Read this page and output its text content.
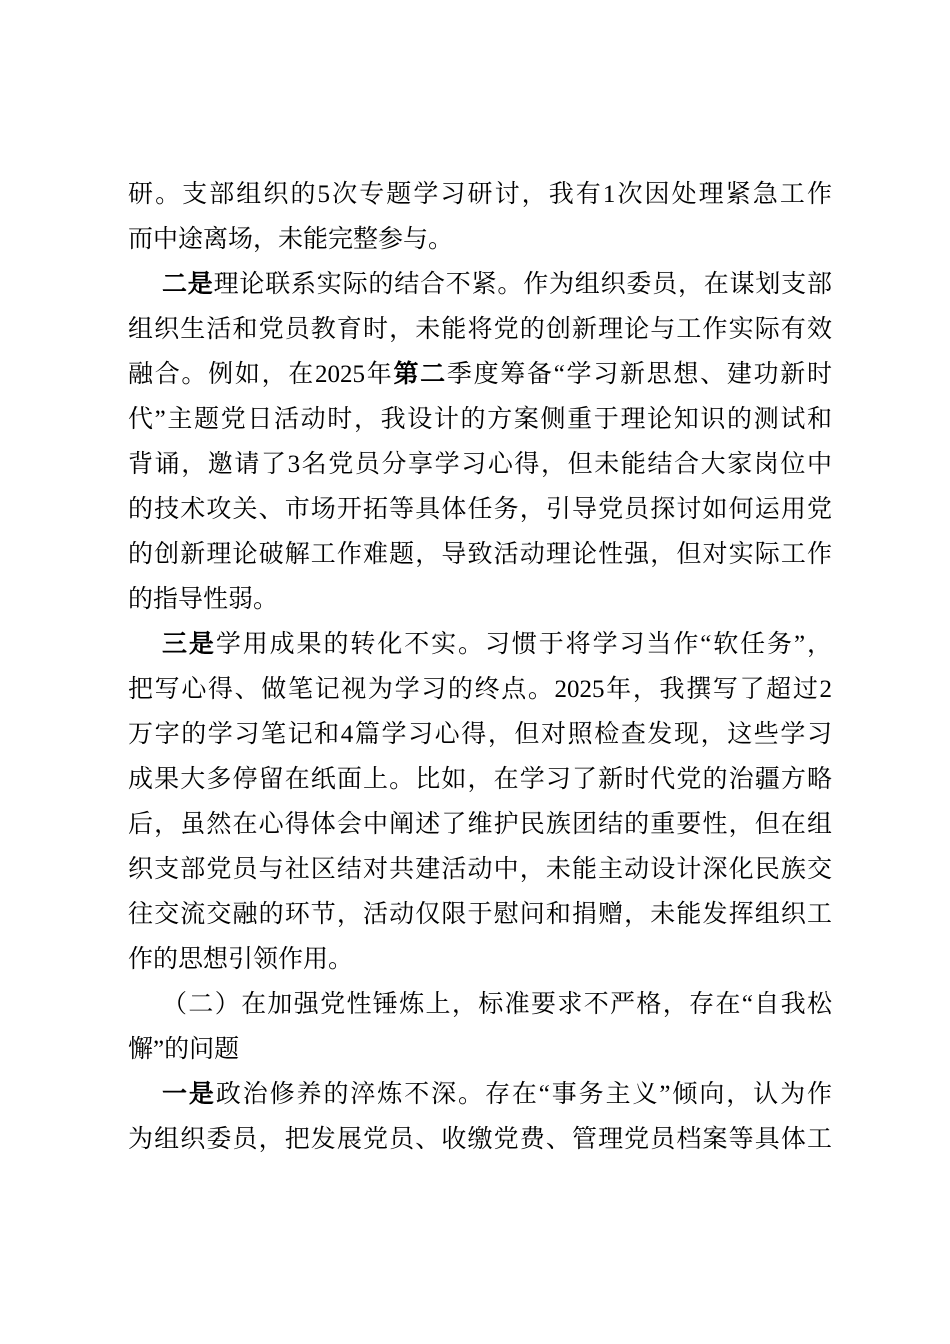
研。支部组织的5次专题学习研讨，我有1次因处理紧急工作
而中途离场，未能完整参与。
二是理论联系实际的结合不紧。作为组织委员，在谋划支部
组织生活和党员教育时，未能将党的创新理论与工作实际有效
融合。例如，在2025年第二季度筹备“学习新思想、建功新时
代”主题党日活动时，我设计的方案侧重于理论知识的测试和
背诵，邀请了3名党员分享学习心得，但未能结合大家岗位中
的技术攻关、市场开拓等具体任务，引导党员探讨如何运用党
的创新理论破解工作难题，导致活动理论性强，但对实际工作
的指导性弱。
三是学用成果的转化不实。习惯于将学习当作“软任务”，
把写心得、做笔记视为学习的终点。2025年，我撰写了超过2
万字的学习笔记和4篇学习心得，但对照检查发现，这些学习
成果大多停留在纸面上。比如，在学习了新时代党的治疆方略
后，虽然在心得体会中阐述了维护民族团结的重要性，但在组
织支部党员与社区结对共建活动中，未能主动设计深化民族交
往交流交融的环节，活动仅限于慰问和捐赠，未能发挥组织工
作的思想引领作用。
（二）在加强党性锤炼上，标准要求不严格，存在“自我松
懈”的问题
一是政治修养的淬炼不深。存在“事务主义”倾向，认为作
为组织委员，把发展党员、收缴党费、管理党员档案等具体工
